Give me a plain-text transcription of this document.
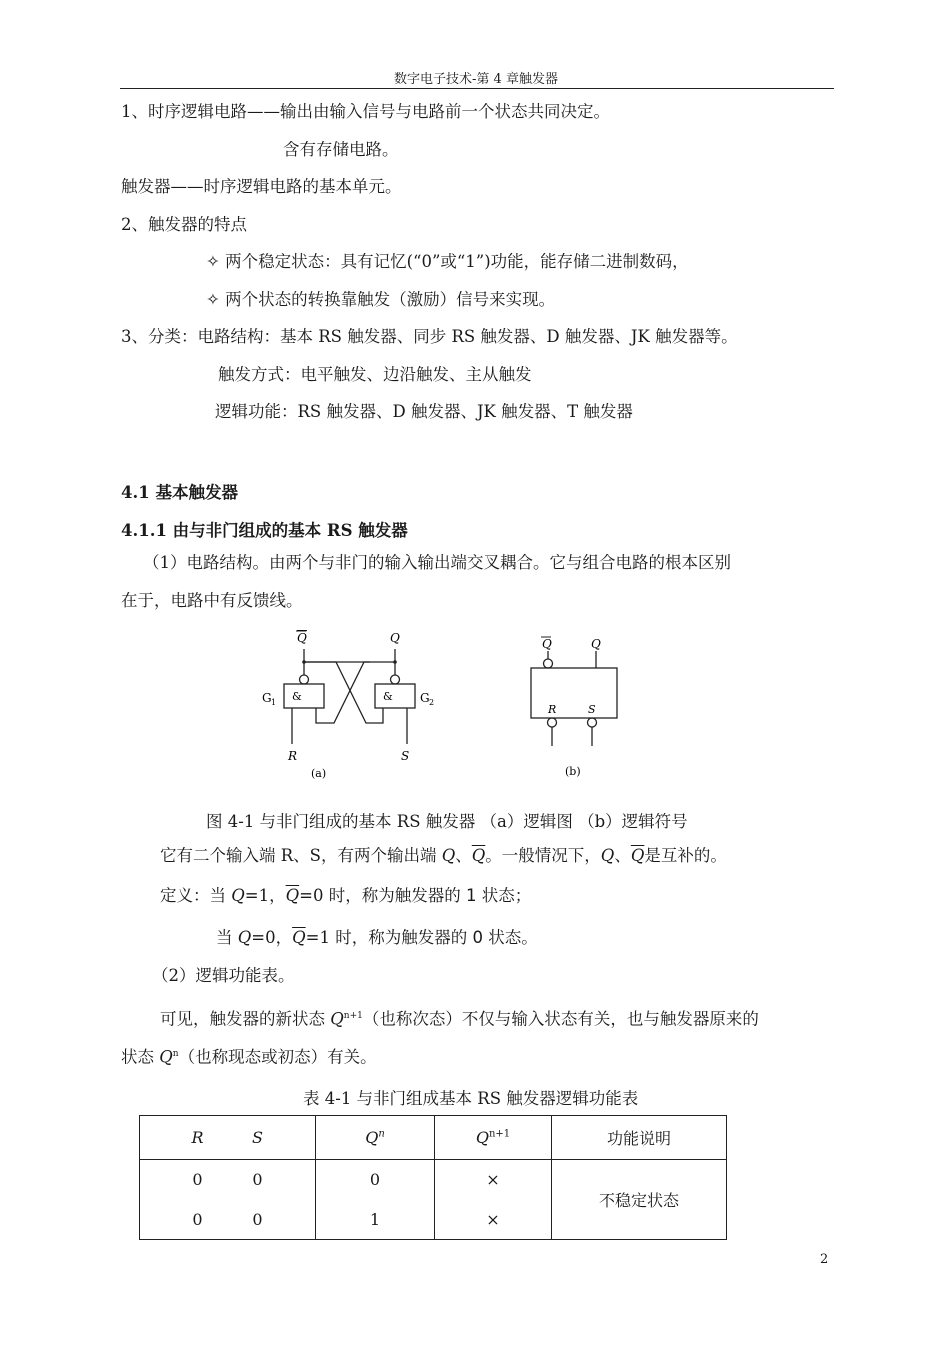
数字电子技术-第 4 章触发器
1、时序逻辑电路——输出由输入信号与电路前一个状态共同决定。
含有存储电路。
触发器——时序逻辑电路的基本单元。
2、触发器的特点
✧ 两个稳定状态：具有记忆(“0”或“1”)功能，能存储二进制数码，
✧ 两个状态的转换靠触发（激励）信号来实现。
3、分类：电路结构：基本 RS 触发器、同步 RS 触发器、D 触发器、JK 触发器等。
触发方式：电平触发、边沿触发、主从触发
逻辑功能：RS 触发器、D 触发器、JK 触发器、T 触发器
4.1 基本触发器
4.1.1 由与非门组成的基本 RS 触发器
（1）电路结构。由两个与非门的输入输出端交叉耦合。它与组合电路的根本区别
在于，电路中有反馈线。
Q	Q
&	&
G 1	G 2
R	S
(a)
Q	Q
R	S
(b)
图 4-1 与非门组成的基本 RS 触发器 （a）逻辑图 （b）逻辑符号
它有二个输入端 R、S，有两个输出端 Q、$\overline{Q}$。一般情况下，Q、$\overline{Q}$是互补的。
定义：当 Q=1，$\overline{Q}=0$ 时，称为触发器的 1 状态；
当 Q=0，$\overline{Q}=1$ 时，称为触发器的 0 状态。
（2）逻辑功能表。
可见，触发器的新状态 $Q^{n+1}$（也称次态）不仅与输入状态有关，也与触发器原来的
状态 $Q^n$（也称现态或初态）有关。
表 4-1 与非门组成基本 RS 触发器逻辑功能表
R S	$Q^n$	$Q^{n+1}$	功能说明
0 0	0	×	不稳定状态
0 0	1	×	
2
